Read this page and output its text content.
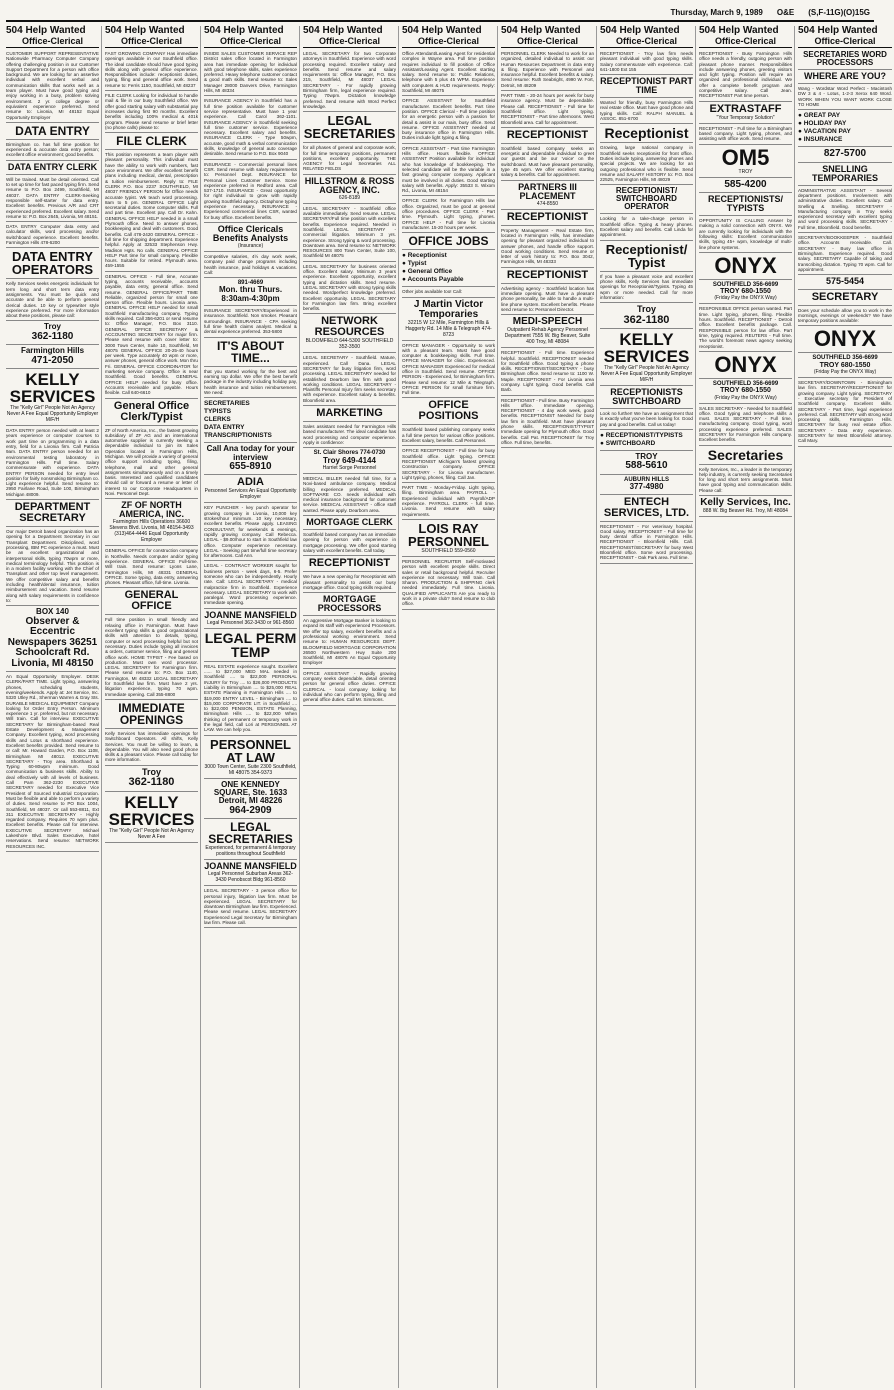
Thursday, March 9, 1989 O&E (S,F-11G)(O)15G
504 Help Wanted
Office-Clerical
CUSTOMER SUPPORT REPRESENTATIVE Nationwide Pharmacy Computer Company offering challenging position in our Customer Support Department for a person with office background. We are looking for an assertive individual with excellent verbal and communication skills that works well as a team player. Must have good typing and enjoy working in a busy, problem solving environment. 2 yr. college degree or equivalent experience preferred. Send resume to: Livonia, MI 48152 Equal Opportunity Employer
DATA ENTRY
Birmingham co. has full time position for experienced & accurate data entry person; excellent office environment; good benefits.
DATA ENTRY CLERK
Will be trained. Must be detail oriented. Call to set up time for fast paced typing firm. Send resume to P.O. Box 2499, Southfield, MI 48037. DATA ENTRY CLERK-Seeking responsible self-starter for data entry. Excellent benefits. Previous A/R and CRT experienced preferred. Excellent salary. Send resume to: P.O. Box 2645, Livonia, MI 48151.
DATA ENTRY Computer data entry and calculator skills, word processing and/or switchboard experience. Excellent benefits. Farmington Hills 478-6200
DATA ENTRY OPERATORS
Kelly Services seeks energetic individuals for term long and short term data entry assignments. You must be quick and accurate and be able to perform general clerical duties. 10 key or typewriter style experience preferred. For more information about these positions, please call:
Troy
362-1180
Farmington Hills
471-2050
KELLY SERVICES
The "Kelly Girl" People Not An Agency Never A Fee Equal Opportunity Employer M/F/H
DATA ENTRY person needed with at least 2 years experience or computer courses to work part time on programming in a data entry, field for a Livonia firm. Call Patricia 9am. DATA ENTRY person needed for an environmental testing laboratory in Farmington Hills. Full time. Salary commensurate with experience. DATA ENTRY PERSON needed for entry level position for fairly nonsmoking Birmingham co. Light experience helpful. Send resume to: 2950 Fairlane Road, Suite 100, Birmingham Michigan 48009.
DEPARTMENT SECRETARY
Our major Detroit based organization has an opening for a Department Secretary in our Transplant Department. Disciplined, word processing, IBM PC experience a must. Must be an excellent organizational and interpersonal skills, typing 70wpm or more, medical terminology helpful. This position is in a modern facility working with the Chief of Transplant and other top level management. We offer competitive salary and benefits including health/dental insurance, tuition reimbursement and vacation. Send resume along with salary requirements in confidence to:
BOX 140
Observer & Eccentric Newspapers 36251 Schoolcraft Rd. Livonia, MI 48150
An Equal Opportunity Employer. DESK CLERK/PART TIME. Light typing, answering phones, scheduling students, evening/weekends. Apply at: Jet Service, Inc. 5320 Utley Rd., Sherman Warren & Gray Sts. DURABLE MEDICAL EQUIPMENT Company looking for Order Entry Person. Minimum experience 1 yr. preferred, but not necessary. Will train. Call for interview. EXECUTIVE SECRETARY for Birmingham-based Real Estate Development & Management Company. Excellent typing, word processing skills and Lotus & shorthand experience. Excellent benefits provided. Send resume to or call: Mr. Howard Garden, P.O. Box 1108, Birmingham MI 48012. EXECUTIVE SECRETARY - Troy area. Shorthand & Typing 60-80wpm minimum. Good communication & business skills. Ability to deal effectively with all levels of business. Call Pam 362-2230 EXECUTIVE SECRETARY needed for Executive Vice President of Sourced Industrial Corporation. Must be flexible and able to perform a variety of duties. Send resume to PO Box 1004, Southfield, MI 48037. Or call 553-8811, Ext 311 EXECUTIVE SECRETARY - Highly regarded company. Requires 70 wpm plus. Excellent benefits. Please call for interview. EXECUTIVE SECRETARY Michael Lakeshore Blvd. Sales Executive, hotel reservations. Send resume: NETWORK RESOURCES INC.
504 Help Wanted
Office-Clerical
FAST GROWING COMPANY Has immediate openings available in our Southfield office. The ideal candidate should have good typing skills along with general office experience. Responsibilities include: receptionist duties, typing, filing and general office work. Send resume to: Ferris 1150, Southfield, MI 48237
FILE CLERK Looking for individual to handle mail & file in our busy Southfield office. We offer good starting salary with substantial pay increases during first 90 months. Excellent benefits including 100% medical & 401k program. Please send resume or brief letter (no phone calls) please to:
FILE CLERK
This position represents a team player with pleasant personality. This individual must have the ability to work with numbers, fast pace environment. We offer excellent benefit plans including medical, dental, prescription & tuition reimbursement. Reply to: FILE CLERK P.O. Box 2237 SOUTHFIELD, MI 48037 FRIENDLY PERSON for Office needs accurate typist. Wk teach word processing. 8am to 5 pm. GENERAL OFFICE Light secretarial duties. Some computer skills. Full and part time. Excellent pay. Call Dr. Kahn. GENERAL OFFICE HELP needed in a small Plymouth office. Need to answer phones, bookkeeping and deal with customers. Good benefits. Call 478-2420 GENERAL OFFICE - full time for shipping department. Experience helpful. Apply at 32533 Stephenson Hwy. Madison Hgts. No calls. GENERAL OFFICE HELP Part time for small company. Flexible hours. Suitable for retired. Plymouth area. 459-1555
GENERAL OFFICE - Full time, Accurate typing, accounts receivable, accounts payable, data entry, general office. Send resume. GENERAL OFFICE/PART TIME Reliable, organized person for small one person office. Flexible hours. Livonia area. GENERAL OFFICE HELP needed for small Southfield manufacturing company. Typing skills required. Call 356-6201 or send resume to: Office Manager, P.O. Box 3110. GENERAL OFFICE SECRETARY & ACCOUNTING SECRETARY for major firm. Please send resume with cover letter to: 3000 Town Center, Suite 10, Southfield, MI 48075 GENERAL OFFICE 20-25-40 hours per week. Type accurately 40 wpm or more, answer phones, general office work. Mon thru Fri. GENERAL OFFICE COORDINATOR for marketing service company. Office is near Southfield. Good benefits. GENERAL OFFICE HELP needed for busy office. Accounts receivable and payable. Hours flexible. Call 640-6610
General Office Clerk/Typist
ZF of North America, Inc., the fastest growing subsidiary of ZF AG and an international automotive supplier is currently seeking a dependable individual to join its Sales Operation located in Farmington Hills, Michigan. We will provide a variety of general office support including typing, filing, telephone, mail and other general assignments simultaneously and on a timely basis. Interested and qualified candidates should call or forward a resume or letter of interest to our Corporate Headquarters in Novi. Personnel Dept.
ZF OF NORTH AMERICA, INC.
Farmington Hills Operations 36600 Stevens Blvd. Livonia, MI 48154-3493 (313)464-4446 Equal Opportunity Employer
GENERAL OFFICE for construction company in Northville. Needs computer and/or typing experience. GENERAL OFFICE Full-time. Will train. Send resume: Lyons Lane, Farmington Hills, MI 48331 GENERAL OFFICE. Some typing, data entry, answering phones. Pleasant office, full-time. Livonia.
GENERAL OFFICE
Full time position in small friendly and relaxing office in Farmington. Must have excellent typing skills & good organizational skills with attention to details, typing, computer or word processing helpful but not necessary. Duties include typing all invoices & orders, customer service, filing and general office work. HOME TYPIST - Fee based on production. Must own word processor. LEGAL SECRETARY for Farmington firm. Please send resume to: P.O. Box 1140, Farmington, MI 48332 LEGAL SECRETARY for Southfield law firm. Must have 2 yrs. litigation experience, typing 70 wpm. Immediate opening. Call 355-8800
IMMEDIATE OPENINGS
Kelly Services has immediate openings for Switchboard Operators. All shifts, Kelly Services. You must be willing to learn, & dependable. You will also need good phone skills & a pleasant voice. Please call today for more information.
Troy
362-1180
KELLY SERVICES
The "Kelly Girl" People Not An Agency Never A Fee
504 Help Wanted
Office-Clerical
INSIDE SALES CUSTOMER SERVICE REP District sales office located in Farmington area has immediate opening for individual with good telephone skills, sales experience preferred. Heavy telephone customer contact & good math skills. Send resume to: Sales Manager 28000 Danvers Drive, Farmington Hills, MI 48334
INSURANCE AGENCY in Southfield has a full time position available for customer service representative. Must have 1 year experience. Call Carol 362-1101. INSURANCE AGENCY in Southfield seeking full time customer service. Experience necessary. Excellent salary and benefits. INSURANCE CLERK - Type 50wpm, accurate, good math & verbal communication skills, knowledge of general auto coverage desirable. Send resume to P.O. Box 9040
INSURANCE - Commercial personal lines CSR. Send resume with salary requirements to: Personnel Dept. INSURANCE for Personal Lines Customer Service. Some experience preferred in Redford area. Call 537-1710. INSURANCE - Great opportunity for right individual to grow with rapidly growing Southfield agency. Dictaphone typing experience necessary. INSURANCE - Experienced commercial lines CSR, wanted for busy office. Excellent benefits.
Office Clericals Benefits Analysts
(Insurance)
Competitive salaries, 4½ day work week, company paid change programs including health insurance, paid holidays & vacations. Call:
891-4669
Mon. thru Thurs. 8:30am-4:30pm
INSURANCE SECRETARY/Experienced in insurance. Southfield. Non smoker. Pleasant surroundings. INSURANCE - CPA seeking full time health claims analyst. Medical & dental experience preferred. 353-5800
IT'S ABOUT TIME...
that you started working for the best and earning top dollar. We offer the best benefit package in the industry including holiday pay, health insurance and tuition reimbursement. We need:
SECRETARIES
TYPISTS
CLERKS
DATA ENTRY
TRANSCRIPTIONISTS
Call Ana today for your interview
655-8910
ADIA
Personnel Services An Equal Opportunity Employer
KEY PUNCHER - key punch operator for growing company in Livonia, 10,000 key strokes/hour minimum. 10 key necessary, excellent benefits. Please apply. LEASING CONSULTANT, for weekends & evenings, rapidly growing company. Call Rebecca. LEGAL - $9.00/hour to start in Southfield law office. Computer experience necessary. LEGAL - Seeking part time/full time secretary for afternoons. Call Ann.
LEGAL - CONTRACT WORKER sought for business person - week days, 6-5. Prefer someone who can be independently. Hourly rate. Call: LEGAL SECRETARY - medical malpractice firm in Southfield. Experience necessary. LEGAL SECRETARY to work with paralegal. Word processing experience. Immediate opening.
JOANNE MANSFIELD
Legal Personnel 362-3430 or 961-8560
LEGAL PERM TEMP
REAL ESTATE experience sought. Excellent ...... to $27,000 MED MAL needed in Southfield .... to $22,000 PERSONAL INJURY for Troy .... to $26,000 PRODUCTS Liability in Birmingham .... to $25,000 REAL ESTATE Planning in Farmington Hills .... to $19,000 ENTRY LEVEL - Birmingham .... to $15,000 CORPORATE LIT. in Southfield .... to $22,000 PENSION, ESTATE Planning, Birmingham Hills .... to $22,000 When thinking of permanent or temporary work in the legal field, call Lori at PERSONNEL AT LAW. We can help you.
PERSONNEL AT LAW
3000 Town Center, Suite 2300 Southfield, MI 48075 354-9373
ONE KENNEDY SQUARE, Ste. 1633 Detroit, MI 48226
964-2909
LEGAL SECRETARIES
Experienced, for permanent & temporary positions throughout Southfield
JOANNE MANSFIELD
Legal Personnel Suburban Areas 362-3430 Penobscot Bldg 961-8560
LEGAL SECRETARY - 3 person office for personal injury, litigation law firm. Must be experienced. LEGAL SECRETARY for downtown Birmingham law firm. Experienced. Please send resume. LEGAL SECRETARY Experienced Legal Secretary for Birmingham law firm. Please call.
504 Help Wanted
Office-Clerical
LEGAL SECRETARY for two Corporate attorneys in Southfield. Experience with word processing required. Excellent salary and benefits. Send resume and salary requirements to: Office Manager, P.O. Box 215, Southfield, MI 48037 LEGAL SECRETARY - For rapidly growing Birmingham firm, legal experience required. Typing 70wpm. Dictation knowledge preferred. Send resume with Word Perfect knowledge.
LEGAL SECRETARIES
for all phases of general and corporate work, for full time temporary positions, permanent positions, excellent opportunity. THE AGENCY for Legal Secretaries ALL RELATED FIELDS
HILLSTROM & ROSS AGENCY, INC.
626-8189
LEGAL SECRETARY - Southfield office available immediately. Send resume. LEGAL SECRETARY/Full time position with excellent benefits. Experience required. Needed in Southfield. LEGAL SECRETARY - commercial litigation. Minimum 3 yrs. experience. Strong typing & word processing. Downtown area. Send resume to: NETWORK RESOURCES 800 Town Center, Suite 100, Southfield MI 48075
LEGAL SECRETARY for business oriented office. Excellent salary. Minimum 3 years experience. Excellent opportunity, excellent typing and dictation skills. Send resume. LEGAL SECRETARY with strong typing skills needed. Wordperfect knowledge preferred. Excellent opportunity. LEGAL SECRETARY for Farmington law firm. Bring excellent benefits.
NETWORK RESOURCES
BLOOMFIELD 644-5300 SOUTHFIELD 352-3500
LEGAL SECRETARY - Southfield. Mature, experienced. Call Dana. LEGAL SECRETARY for busy litigation firm, word processing. LEGAL SECRETARY needed for established Dearborn law firm with good working conditions. LEGAL SECRETARY - Plaintiffs Personal Injury firm seeks secretary with experience. Excellent salary & benefits. Bloomfield area.
MARKETING
Sales assistant needed for Farmington Hills based manufacturer. The ideal candidate has word processing and computer experience. Apply in confidence:
St. Clair Shores 774-0730
Troy 649-4144
Harriet Sorge Personnel
MEDICAL BILLER needed full time, for a Novi-based ambulance company. Medical billing experience preferred. MEDICAL SOFTWARE CO. needs individual with medical insurance background for customer service. MEDICAL ASSISTANT - office staff wanted. Please apply. Dearborn area.
MORTGAGE CLERK
Southfield based company has an immediate opening for person with experience in mortgage processing. We offer good starting salary with excellent benefits. Call today.
RECEPTIONIST
We have a new opening for Receptionist with pleasant personality to assist our busy mortgage office. Good typing skills required.
MORTGAGE PROCESSORS
An aggressive Mortgage Banker is looking to expand its staff with experienced Processors. We offer top salary, excellent benefits and a professional working environment. Send resume to: HUMAN RESOURCES DEPT. BLOOMFIELD MORTGAGE CORPORATION 26500 Northwestern Hwy Suite 200 Southfield, MI 48076 An Equal Opportunity Employer
OFFICE ASSISTANT - Rapidly growing company seeks dependable, detail oriented person for general office duties. OFFICE CLERICAL - local company looking for individual who can perform typing, filing and general office duties. Call Mr. Simmons.
504 Help Wanted
Office-Clerical
Office Attendant/Leasing Agent for residential complex in Wayne area. Full time position requires individual to fill position of Office Assistant/Leasing Agent. Excellent starting salary. Send resume to: Public Relations, telephone with 5 plus 45 WPM. Experience with computers & HUD requirements. Reply: Southfield, MI 48075
OFFICE ASSISTANT for Southfield manufacturer. Excellent benefits. Part time position. OFFICE Clerical - Full time position for an energetic person with a passion for detail & assist in our main, busy office. Send resume. OFFICE ASSISTANT needed at busy insurance office in Farmington Hills. Duties include light typing & filing.
OFFICE ASSISTANT - Part time Farmington Hills office. Hours flexible. OFFICE ASSISTANT Position available for individual who has knowledge of bookkeeping. The selected candidate will be the variable in a fast growing computer company. Applicant must be involved in all duties. Good starting salary with benefits. Apply: 35533 S. Wixom Rd., Livonia, MI 48154
OFFICE CLERK for Farmington Hills law office. Organized, must be good at general office procedures. OFFICE CLERK - Part time. Plymouth. Light typing, phones. OFFICE HELP - Full time for Livonia manufacturer. 15-20 hours per week.
OFFICE JOBS
● Receptionist
● Typist
● General Office
● Accounts Payable
Other jobs available too! Call:
J Martin Victor Temporaries
32215 W 12 Mile, Farmington Hills & Haggerty Rd. 14 Mile & Telegraph 474-8723
OFFICE MANAGER - Opportunity to work with a pleasant team. Must have good computer & bookkeeping skills. Full time. OFFICE MANAGER for clinic. Experienced. OFFICE MANAGER Experienced for medical office in Southfield. Send resume. OFFICE PERSON - Experienced, for Birmingham firm. Please send resume: 12 Mile & Telegraph. OFFICE PERSON for small furniture firm. Full time.
OFFICE POSITIONS
Southfield based publishing company seeks a full time person for various office positions. Excellent salary, benefits. Call Personnel.
OFFICE RECEPTIONIST - Full time for busy Southfield office. Light typing. OFFICE RECEPTIONIST Michigan's fastest growing Construction company. OFFICE SECRETARY - for Livonia manufacturer. Light typing, phones, filing. Call Jan.
PART TIME - Monday-Friday. Light typing, filing. Birmingham area. PAYROLL - Experienced individual with Payroll/ADP experience. PAYROLL CLERK - full time. Livonia. Send resume with salary requirements.
LOIS RAY PERSONNEL
SOUTHFIELD 559-0560
PERSONNEL RECRUITER Self-motivated person with excellent people skills. Direct sales or retail background helpful. Recruiter experience not necessary. Will train. Call Sharon. PRODUCTION & SHIPPING clerk needed immediately. Full time. Livonia. QUALIFIED APPLICANTS Are you ready to work in a private club? Send resume to club office.
504 Help Wanted
Office-Clerical
PERSONNEL CLERK Needed to work for an organized, detailed individual to assist our Human Resources Department in data entry & filing. Experience with Personnel and insurance helpful. Excellent benefits & salary. Send resume: Ruth Seabright, 4990 W. Fort, Detroit, MI 48209
PART TIME - 20-24 hours per week for busy insurance agency. Must be dependable. Please call. RECEPTIONIST - Full time for Southfield office. Light typing. RECEPTIONIST - Part time afternoons. West Bloomfield area. Call for appointment.
RECEPTIONIST
Southfield based company seeks an energetic and dependable individual to greet our guests and be our 'voice' on the switchboard. Must have pleasant personality, type 45 wpm. We offer excellent starting salary & benefits. Call for appointment.
PARTNERS III PLACEMENT
474-8550
RECEPTIONIST
Property Management - Real Estate firm, located in Farmington Hills, has immediate opening for pleasant organized individual to answer phones, and handle office support. Good working conditions. Send resume or letter of work history to: P.O. Box 3042, Farmington Hills, MI 48333
RECEPTIONIST
Advertising agency - Southfield location has immediate opening. Must have a pleasant phone personality, be able to handle a multi-line phone system. Excellent benefits. Please send resume to: Personnel Director.
MEDI-SPEECH
Outpatient Rehab Agency Personnel Department 7555 W. Big Beaver, Suite 400 Troy, MI 48084
RECEPTIONIST - Full time. Experience helpful. Southfield. RECEPTIONIST needed for Southfield office. Good typing & phone skills. RECEPTIONIST/SECRETARY - busy Birmingham office. Send resume to: 1100 W. Maple. RECEPTIONIST - For Livonia area company. Light typing. Good benefits. Call Barb.
RECEPTIONIST - Full time. Busy Farmington Hills office. Immediate opening. RECEPTIONIST - 4 day work week, good benefits. RECEPTIONIST Needed for busy law firm in Southfield. Must have pleasant phone skills. RECEPTIONIST/TYPIST Immediate opening for Plymouth office. Good benefits. Call Pat. RECEPTIONIST for Troy office. Full time, benefits.
504 Help Wanted
Office-Clerical
RECEPTIONIST - Troy law firm needs pleasant individual with good typing skills. Salary commensurate with experience. Call: 641-1800 Ext 155
RECEPTIONIST PART TIME
Wanted for friendly, busy Farmington Hills real estate office. Must have good phone and typing skills. Call: RALPH MANUEL & ASSOC. 851-6700
Receptionist
Growing, large national company in Southfield seeks receptionist for front office. Duties include typing, answering phones and special projects. We are looking for an outgoing professional who is flexible. Send resume and SALARY HISTORY to: P.O. Box 22525, Farmington Hills, MI 48029
RECEPTIONIST/ SWITCHBOARD OPERATOR
Looking for a take-charge person in Southfield office. Typing & heavy phones. Excellent salary and benefits. Call Linda for appointment.
Receptionist/ Typist
If you have a pleasant voice and excellent phone skills, Kelly Services has immediate openings for Receptionist/Typists. Typing 45 wpm or more needed. Call for more information:
Troy
362-1180
KELLY SERVICES
The "Kelly Girl" People Not An Agency Never A Fee Equal Opportunity Employer M/F/H
RECEPTIONISTS SWITCHBOARD
Look no further! We have an assignment that is exactly what you've been looking for. Good pay and good benefits. Call us today!
● RECEPTIONIST/TYPISTS
● SWITCHBOARD
TROY
588-5610
AUBURN HILLS
377-4980
ENTECH SERVICES, LTD.
RECEPTIONIST - For veterinary hospital. Good salary. RECEPTIONIST - Full time for busy dental office in Farmington Hills. RECEPTIONIST - Bloomfield Hills. Call. RECEPTIONIST/SECRETARY for busy West Bloomfield office. Some word processing. RECEPTIONIST - Oak Park area. Full time.
504 Help Wanted
Office-Clerical
RECEPTIONIST - Busy Farmington Hills office needs a friendly, outgoing person with pleasant phone manner. Responsibilities include answering phones, greeting visitors and light typing. Position will require an organized and professional individual. We offer a complete benefit program and competitive salary. Call Jean. RECEPTIONIST Part time person.
EXTRASTAFF
"Your Temporary Solution"
RECEPTIONIST - Full time for a Birmingham based company. Light typing, phones, and assisting with office work. Send resume.
OM5
TROY
585-4200
RECEPTIONISTS/ TYPISTS
OPPORTUNITY IS CALLING Answer by making a solid connection with ONYX. We are currently looking for individuals with the following skills: Excellent communication skills, typing 45+ wpm, knowledge of multi-line phone systems.
ONYX
SOUTHFIELD 356-6699
TROY 680-1550
(Friday Pay the ONYX Way)
RESPONSIBLE OFFICE person wanted. Part time. Light typing, phones, filing. Flexible hours. Southfield. RECEPTIONIST - Detroit office. Excellent benefits package. Call. RESPONSIBLE person for law office. Part time, typing required. REUTERS - Full time. The world's foremost news agency seeking receptionist.
ONYX
SOUTHFIELD 356-6699
TROY 680-1550
(Friday Pay the ONYX Way)
SALES SECRETARY - Needed for Southfield office. Good typing and telephone skills a must. SALES SECRETARY - Full time, manufacturing company. Good typing, word processing experience preferred. SALES SECRETARY for Farmington Hills company. Excellent benefits.
Secretaries
Kelly Services, Inc., a leader in the temporary help industry, is currently seeking Secretaries for long and short term assignments. Must have good typing and communication skills. Please call:
Kelly Services, Inc.
888 W. Big Beaver Rd. Troy, MI 48084
504 Help Wanted
Office-Clerical
SECRETARIES WORD PROCESSORS
WHERE ARE YOU?
Wang - Wordstar Word Perfect - Macintosh DW 3 & 4 - Lotus, 1-2-3 Xerox 640 Word. WORK WHEN YOU WANT WORK CLOSE TO HOME
● GREAT PAY
● HOLIDAY PAY
● VACATION PAY
● INSURANCE
827-5700
SNELLING TEMPORARIES
ADMINISTRATIVE ASSISTANT - Several department positions. Involvement with administrative duties. Excellent salary. Call Snelling & Snelling. SECRETARY - Manufacturing company in Troy seeks experienced secretary with excellent typing and word processing skills. SECRETARY - Full time, Bloomfield. Good benefits.
SECRETARY/BOOKKEEPER - Southfield office. Accounts receivable. Call. SECRETARY - Busy law office in Birmingham. Experience required. Good salary. SECRETARY Capable of taking and transcribing dictation. Typing 70 wpm. Call for appointment.
575-5454
SECRETARY
Does your schedule allow you to work in the mornings, evenings or weekends? We have temporary positions available:
ONYX
SOUTHFIELD 356-6699
TROY 680-1550
(Friday Pay the ONYX Way)
SECRETARY/DOWNTOWN - Birmingham law firm. SECRETARY/RECEPTIONIST for growing company. Light typing. SECRETARY - Executive secretary for President of Southfield company. Excellent skills. SECRETARY - Part time, legal experience preferred. Call. SECRETARY with strong word processing skills, Farmington Hills. SECRETARY for busy real estate office. SECRETARY - Data entry experience. SECRETARY for West Bloomfield attorney. Call Mary.
